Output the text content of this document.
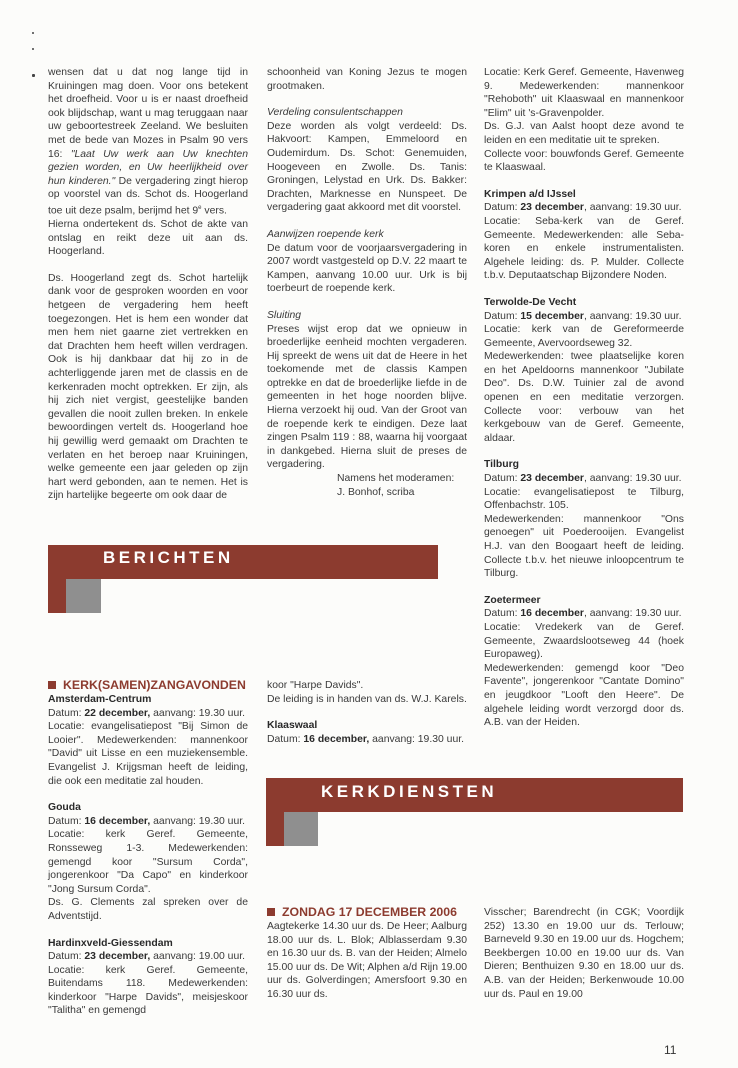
wensen dat u dat nog lange tijd in Kruiningen mag doen. Voor ons betekent het droefheid. Voor u is er naast droefheid ook blijdschap, want u mag teruggaan naar uw geboortestreek Zeeland. We besluiten met de bede van Mozes in Psalm 90 vers 16: "Laat Uw werk aan Uw knechten gezien worden, en Uw heerlijkheid over hun kinderen." De vergadering zingt hierop op voorstel van ds. Schot ds. Hoogerland toe uit deze psalm, berijmd het 9e vers.

Hierna ondertekent ds. Schot de akte van ontslag en reikt deze uit aan ds. Hoogerland.

Ds. Hoogerland zegt ds. Schot hartelijk dank voor de gesproken woorden en voor hetgeen de vergadering hem heeft toegezongen. Het is hem een wonder dat men hem niet gaarne ziet vertrekken en dat Drachten hem heeft willen verdragen. Ook is hij dankbaar dat hij zo in de achterliggende jaren met de classis en de kerkenraden mocht optrekken. Er zijn, als hij zich niet vergist, geestelijke banden gevallen die nooit zullen breken. In enkele bewoordingen vertelt ds. Hoogerland hoe hij gewillig werd gemaakt om Drachten te verlaten en het beroep naar Kruiningen, welke gemeente een jaar geleden op zijn hart werd gebonden, aan te nemen. Het is zijn hartelijke begeerte om ook daar de

schoonheid van Koning Jezus te mogen grootmaken.

Verdeling consulentschappen

Deze worden als volgt verdeeld: Ds. Hakvoort: Kampen, Emmeloord en Oudemirdum. Ds. Schot: Genemuiden, Hoogeveen en Zwolle. Ds. Tanis: Groningen, Lelystad en Urk. Ds. Bakker: Drachten, Marknesse en Nunspeet. De vergadering gaat akkoord met dit voorstel.

Aanwijzen roepende kerk

De datum voor de voorjaarsvergadering in 2007 wordt vastgesteld op D.V. 22 maart te Kampen, aanvang 10.00 uur. Urk is bij toerbeurt de roepende kerk.

Sluiting

Preses wijst erop dat we opnieuw in broederlijke eenheid mochten vergaderen. Hij spreekt de wens uit dat de Heere in het toekomende met de classis Kampen optrekke en dat de broederlijke liefde in de gemeenten in het hoge noorden blijve. Hierna verzoekt hij oud. Van der Groot van de roepende kerk te eindigen. Deze laat zingen Psalm 119 : 88, waarna hij voorgaat in dankgebed. Hierna sluit de preses de vergadering.

Namens het moderamen:

J. Bonhof, scriba

Locatie: Kerk Geref. Gemeente, Havenweg 9. Medewerkenden: mannenkoor "Rehoboth" uit Klaaswaal en mannenkoor "Elim" uit 's-Gravenpolder.

Ds. G.J. van Aalst hoopt deze avond te leiden en een meditatie uit te spreken.

Collecte voor: bouwfonds Geref. Gemeente te Klaaswaal.

Krimpen a/d IJssel

Datum: 23 december, aanvang: 19.30 uur.

Locatie: Seba-kerk van de Geref. Gemeente. Medewerkenden: alle Seba-koren en enkele instrumentalisten. Algehele leiding: ds. P. Mulder. Collecte t.b.v. Deputaatschap Bijzondere Noden.

Terwolde-De Vecht

Datum: 15 december, aanvang: 19.30 uur.

Locatie: kerk van de Gereformeerde Gemeente, Avervoordseweg 32.

Medewerkenden: twee plaatselijke koren en het Apeldoorns mannenkoor "Jubilate Deo". Ds. D.W. Tuinier zal de avond openen en een meditatie verzorgen. Collecte voor: verbouw van het kerkgebouw van de Geref. Gemeente, aldaar.

Tilburg

Datum: 23 december, aanvang: 19.30 uur.

Locatie: evangelisatiepost te Tilburg, Offenbachstr. 105.

Medewerkenden: mannenkoor "Ons genoegen" uit Poederooijen. Evangelist H.J. van den Boogaart heeft de leiding. Collecte t.b.v. het nieuwe inloopcentrum te Tilburg.

Zoetermeer

Datum: 16 december, aanvang: 19.30 uur.

Locatie: Vredekerk van de Geref. Gemeente, Zwaardslootseweg 44 (hoek Europaweg).

Medewerkenden: gemengd koor "Deo Favente", jongerenkoor "Cantate Domino" en jeugdkoor "Looft den Heere". De algehele leiding wordt verzorgd door ds. A.B. van der Heiden.

BERICHTEN

KERK(SAMEN)ZANGAVONDEN

Amsterdam-Centrum

Datum: 22 december, aanvang: 19.30 uur.

Locatie: evangelisatiepost "Bij Simon de Looier". Medewerkenden: mannenkoor "David" uit Lisse en een muziekensemble. Evangelist J. Krijgsman heeft de leiding, die ook een meditatie zal houden.

Gouda

Datum: 16 december, aanvang: 19.30 uur.

Locatie: kerk Geref. Gemeente, Ronsseweg 1-3. Medewerkenden: gemengd koor "Sursum Corda", jongerenkoor "Da Capo" en kinderkoor "Jong Sursum Corda".

Ds. G. Clements zal spreken over de Adventstijd.

Hardinxveld-Giessendam

Datum: 23 december, aanvang: 19.00 uur.

Locatie: kerk Geref. Gemeente, Buitendams 118. Medewerkenden: kinderkoor "Harpe Davids", meisjeskoor "Talitha" en gemengd

koor "Harpe Davids".

De leiding is in handen van ds. W.J. Karels.

Klaaswaal

Datum: 16 december, aanvang: 19.30 uur.

KERKDIENSTEN

ZONDAG 17 DECEMBER 2006

Aagtekerke 14.30 uur ds. De Heer; Aalburg 18.00 uur ds. L. Blok; Alblasserdam 9.30 en 16.30 uur ds. B. van der Heiden; Almelo 15.00 uur ds. De Wit; Alphen a/d Rijn 19.00 uur ds. Golverdingen; Amersfoort 9.30 en 16.30 uur ds.

Visscher; Barendrecht (in CGK; Voordijk 252) 13.30 en 19.00 uur ds. Terlouw; Barneveld 9.30 en 19.00 uur ds. Hogchem; Beekbergen 10.00 en 19.00 uur ds. Van Dieren; Benthuizen 9.30 en 18.00 uur ds. A.B. van der Heiden; Berkenwoude 10.00 uur ds. Paul en 19.00

11
